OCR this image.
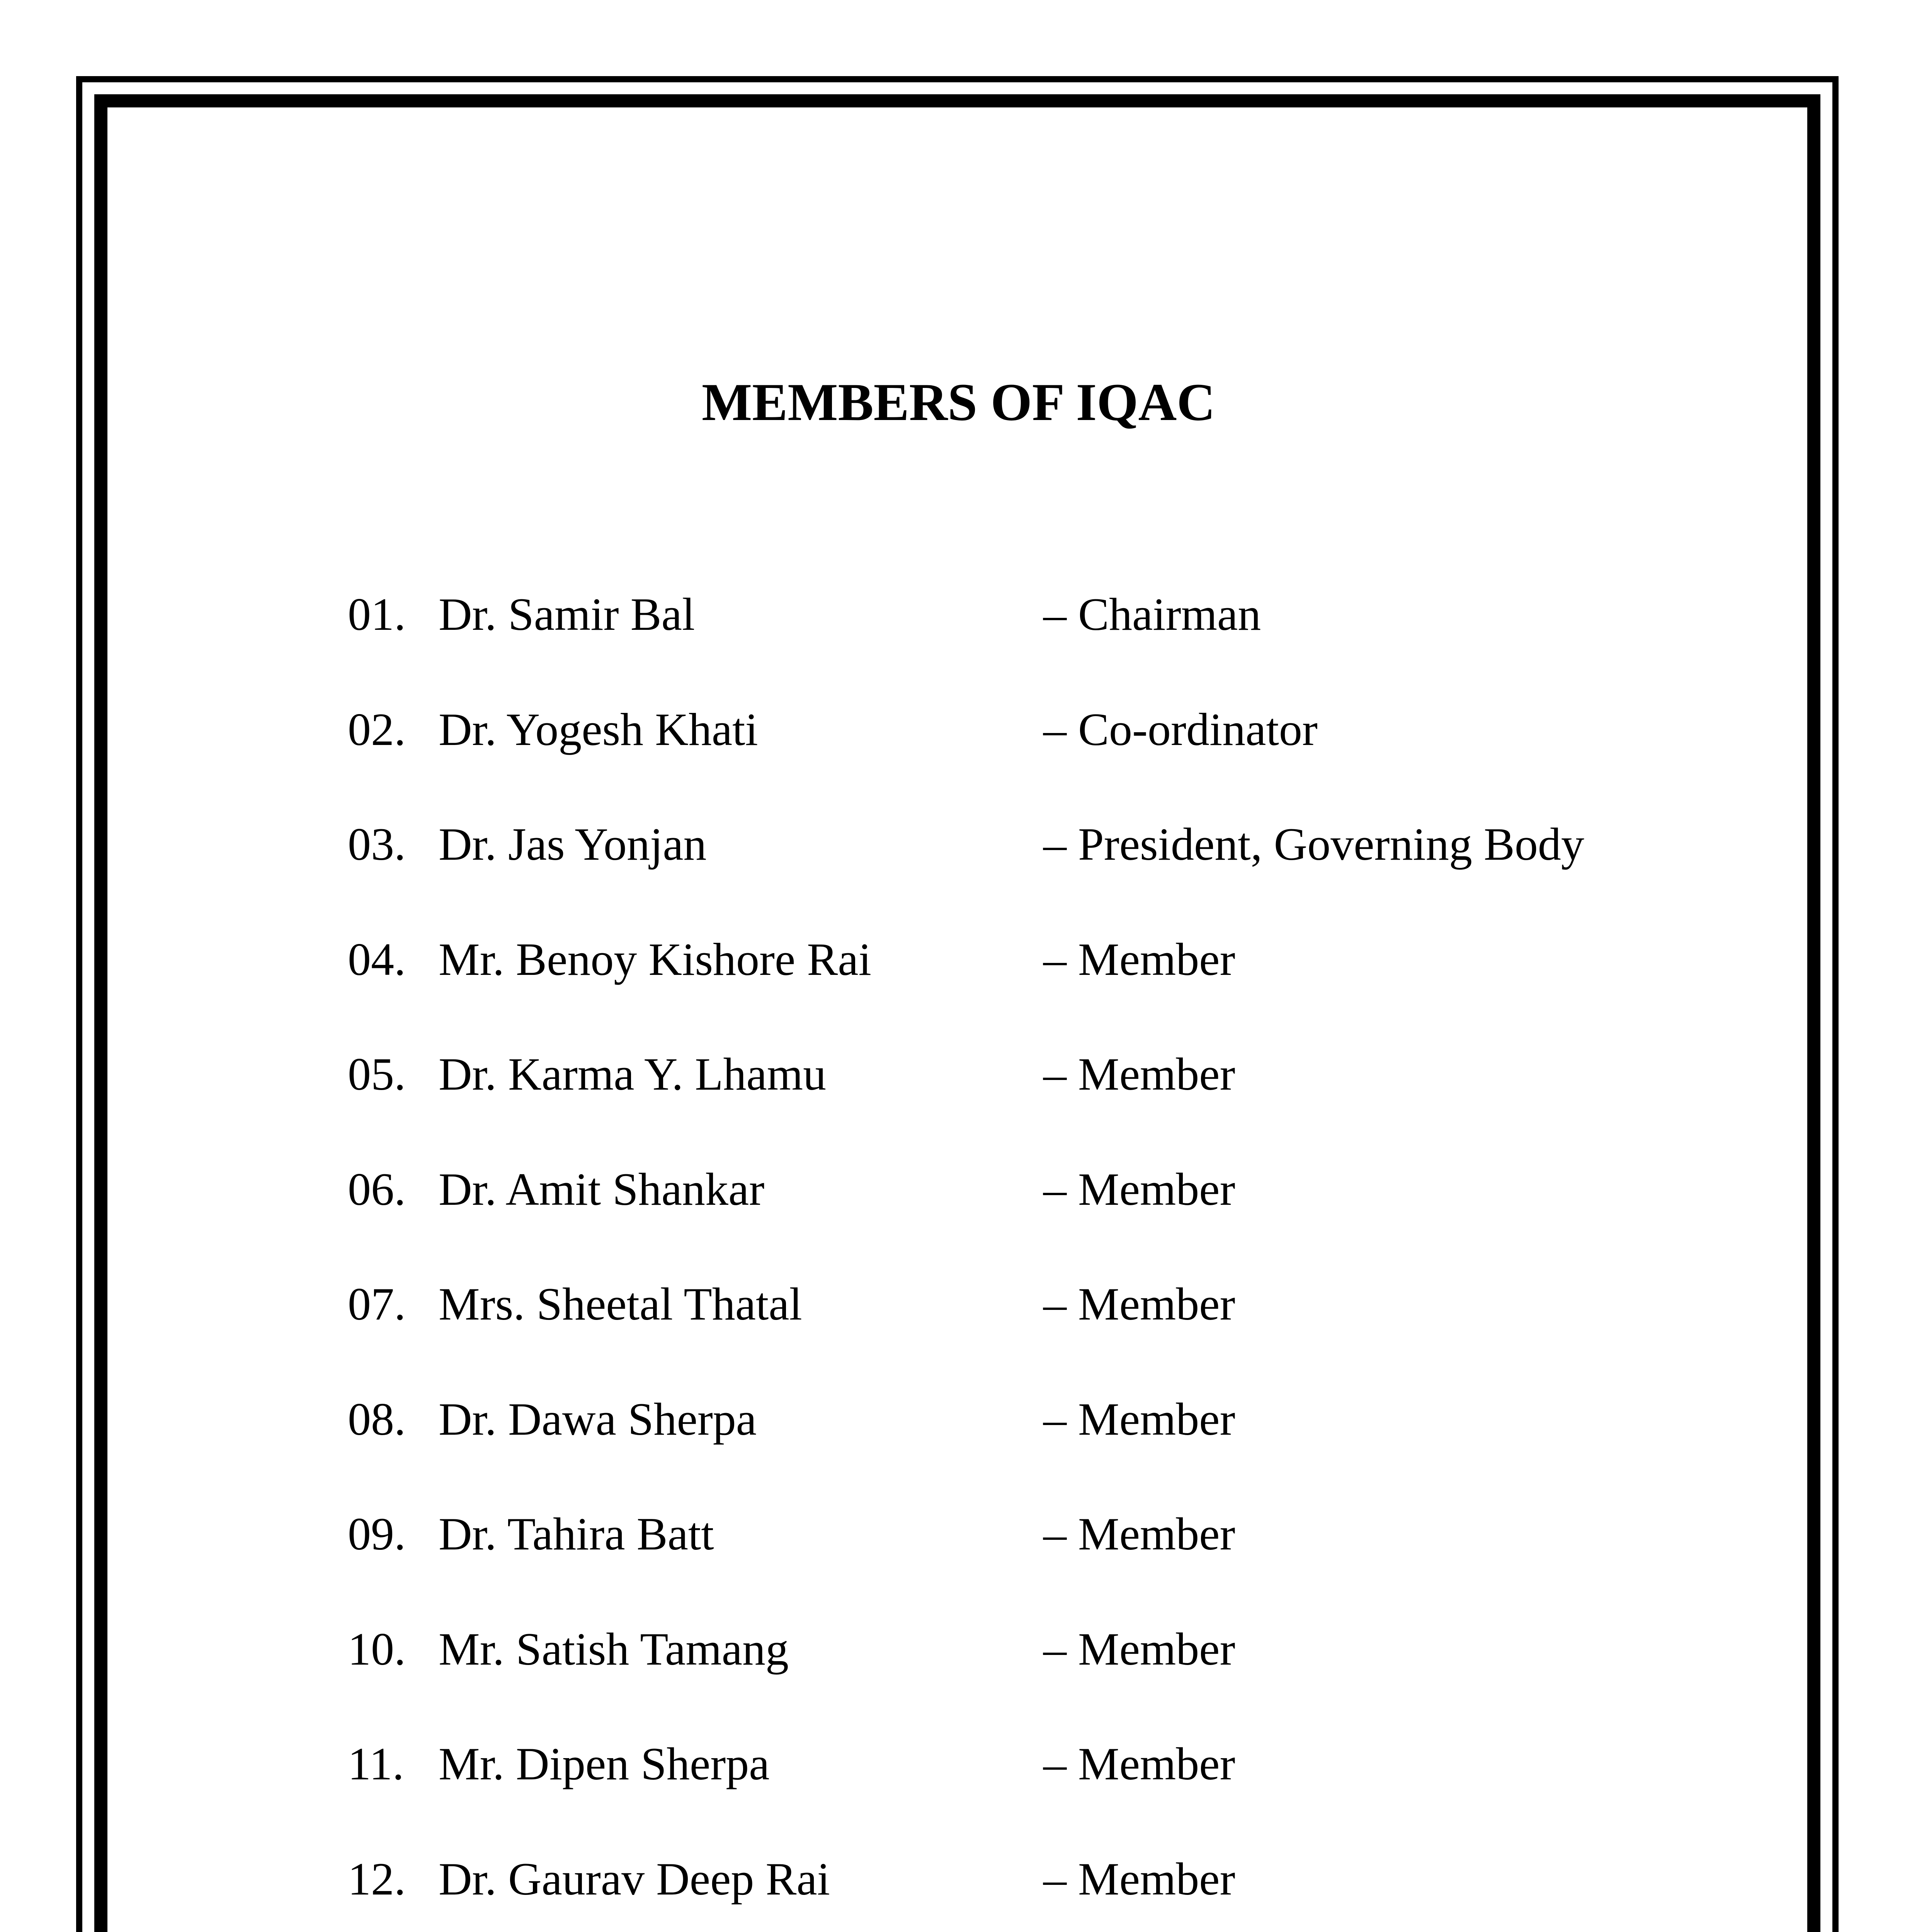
MEMBERS OF IQAC
01. Dr. Samir Bal	– Chairman
02. Dr. Yogesh Khati	– Co-ordinator
03. Dr. Jas Yonjan	– President, Governing Body
04. Mr. Benoy Kishore Rai	– Member
05. Dr. Karma Y. Lhamu	– Member
06. Dr. Amit Shankar	– Member
07. Mrs. Sheetal Thatal	– Member
08. Dr. Dawa Sherpa	– Member
09. Dr. Tahira Batt	– Member
10. Mr. Satish Tamang	– Member
11. Mr. Dipen Sherpa	– Member
12. Dr. Gaurav Deep Rai	– Member
